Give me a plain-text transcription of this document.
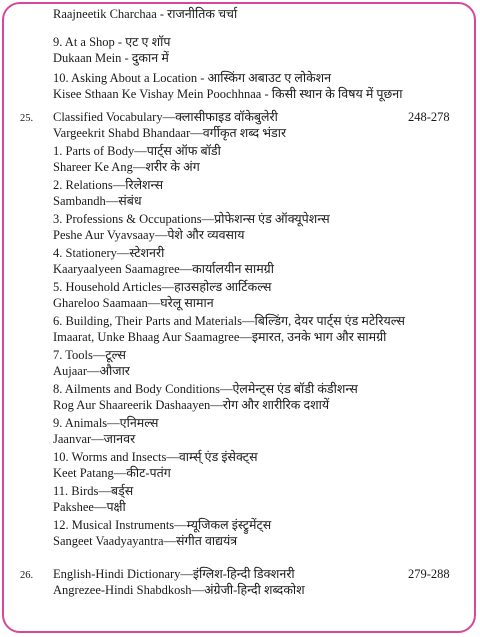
Raajneetik Charchaa - राजनीतिक चर्चा
9. At a Shop - एट ए शॉप
Dukaan Mein - दुकान में
10. Asking About a Location - आस्किंग अबाउट ए लोकेशन
Kisee Sthaan Ke Vishay Mein Poochhnaa - किसी स्थान के विषय में पूछना
25.	248-278
Classified Vocabulary—क्लासीफाइड वॉकेबुलेरी
Vargeekrit Shabd Bhandaar—वर्गीकृत शब्द भंडार
1. Parts of Body—पार्ट्स ऑफ बॉडी
Shareer Ke Ang—शरीर के अंग
2. Relations—रिलेशन्स
Sambandh—संबंध
3. Professions & Occupations—प्रोफेशन्स एंड ऑक्यूपेशन्स
Peshe Aur Vyavsaay—पेशे और व्यवसाय
4. Stationery—स्टेशनरी
Kaaryaalyeen Saamagree—कार्यालयीन सामग्री
5. Household Articles—हाउसहोल्ड आर्टिकल्स
Ghareloo Saamaan—घरेलू सामान
6. Building, Their Parts and Materials—बिल्डिंग, देयर पार्ट्स एंड मटेरियल्स
Imaarat, Unke Bhaag Aur Saamagree—इमारत, उनके भाग और सामग्री
7. Tools—टूल्स
Aujaar—औजार
8. Ailments and Body Conditions—ऐलमेन्ट्स एंड बॉडी कंडीशन्स
Rog Aur Shaareerik Dashaayen—रोग और शारीरिक दशायें
9. Animals—एनिमल्स
Jaanvar—जानवर
10. Worms and Insects—वार्म्स् एंड इंसेक्ट्स
Keet Patang—कीट-पतंग
11. Birds—बर्ड्स
Pakshee—पक्षी
12. Musical Instruments—म्यूजिकल इंस्ट्रुमेंट्स
Sangeet Vaadyayantra—संगीत वाद्ययंत्र
26.	279-288
English-Hindi Dictionary—इंग्लिश-हिन्दी डिक्शनरी
Angrezee-Hindi Shabdkosh—अंग्रेजी-हिन्दी शब्दकोश
